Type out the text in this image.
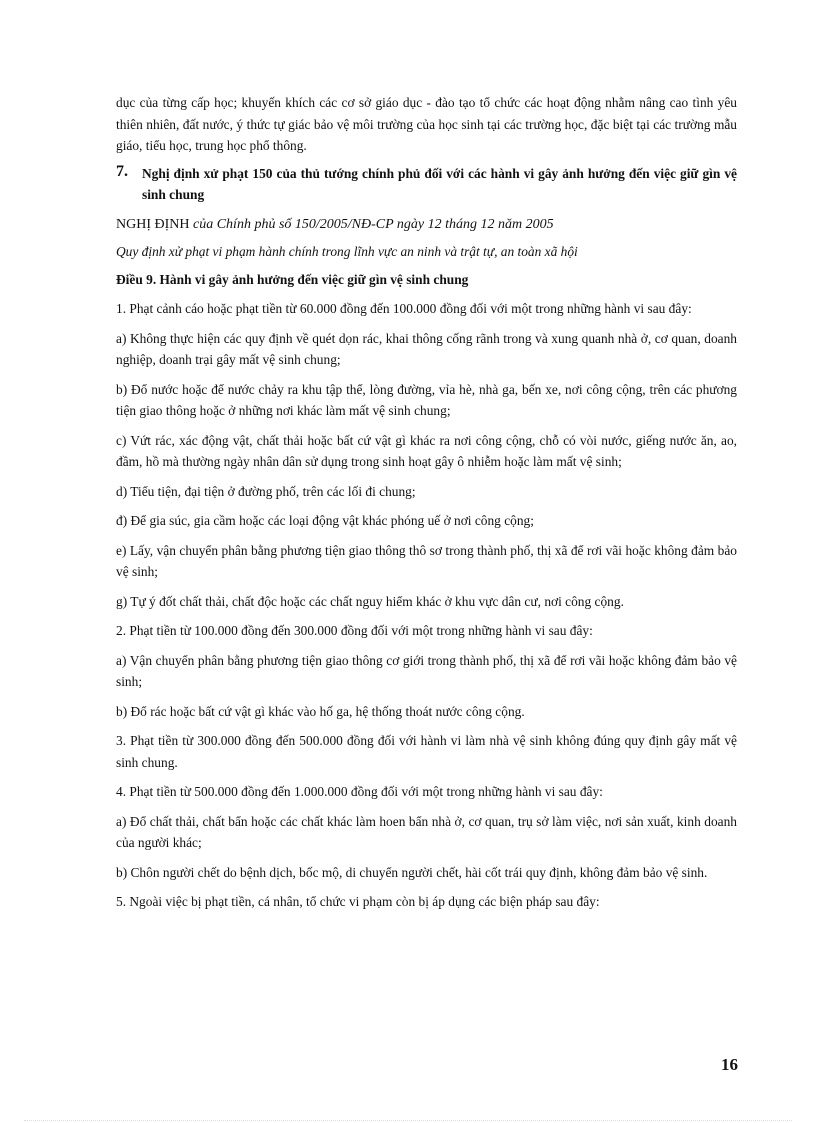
dục của từng cấp học; khuyến khích các cơ sở giáo dục - đào tạo tổ chức các hoạt động nhằm nâng cao tình yêu thiên nhiên, đất nước, ý thức tự giác bảo vệ môi trường của học sinh tại các trường học, đặc biệt tại các trường mẫu giáo, tiểu học, trung học phổ thông.

7.	Nghị định xử phạt 150 của thủ tướng chính phủ đối với các hành vi gây ảnh hưởng đến việc giữ gìn vệ sinh chung

NGHỊ ĐỊNH của Chính phủ số 150/2005/NĐ-CP ngày 12 tháng 12 năm 2005

Quy định xử phạt vi phạm hành chính trong lĩnh vực an ninh và trật tự, an toàn xã hội

Điều 9. Hành vi gây ảnh hưởng đến việc giữ gìn vệ sinh chung

1. Phạt cảnh cáo hoặc phạt tiền từ 60.000 đồng đến 100.000 đồng đối với một trong những hành vi sau đây:

a) Không thực hiện các quy định về quét dọn rác, khai thông cống rãnh trong và xung quanh nhà ở, cơ quan, doanh nghiệp, doanh trại gây mất vệ sinh chung;

b) Đổ nước hoặc để nước chảy ra khu tập thể, lòng đường, vỉa hè, nhà ga, bến xe, nơi công cộng, trên các phương tiện giao thông hoặc ở những nơi khác làm mất vệ sinh chung;

c) Vứt rác, xác động vật, chất thải hoặc bất cứ vật gì khác ra nơi công cộng, chỗ có vòi nước, giếng nước ăn, ao, đầm, hồ mà thường ngày nhân dân sử dụng trong sinh hoạt gây ô nhiễm hoặc làm mất vệ sinh;

d) Tiểu tiện, đại tiện ở đường phố, trên các lối đi chung;

đ) Để gia súc, gia cầm hoặc các loại động vật khác phóng uế ở nơi công cộng;

e) Lấy, vận chuyển phân bằng phương tiện giao thông thô sơ trong thành phố, thị xã để rơi vãi hoặc không đảm bảo vệ sinh;

g) Tự ý đốt chất thải, chất độc hoặc các chất nguy hiểm khác ở khu vực dân cư, nơi công cộng.

2. Phạt tiền từ 100.000 đồng đến 300.000 đồng đối với một trong những hành vi sau đây:

a) Vận chuyển phân bằng phương tiện giao thông cơ giới trong thành phố, thị xã để rơi vãi hoặc không đảm bảo vệ sinh;

b) Đổ rác hoặc bất cứ vật gì khác vào hố ga, hệ thống thoát nước công cộng.

3. Phạt tiền từ 300.000 đồng đến 500.000 đồng đối với hành vi làm nhà vệ sinh không đúng quy định gây mất vệ sinh chung.

4. Phạt tiền từ 500.000 đồng đến 1.000.000 đồng đối với một trong những hành vi sau đây:

a) Đổ chất thải, chất bẩn hoặc các chất khác làm hoen bẩn nhà ở, cơ quan, trụ sở làm việc, nơi sản xuất, kinh doanh của người khác;

b) Chôn người chết do bệnh dịch, bốc mộ, di chuyển người chết, hài cốt trái quy định, không đảm bảo vệ sinh.

5. Ngoài việc bị phạt tiền, cá nhân, tổ chức vi phạm còn bị áp dụng các biện pháp sau đây:

16
